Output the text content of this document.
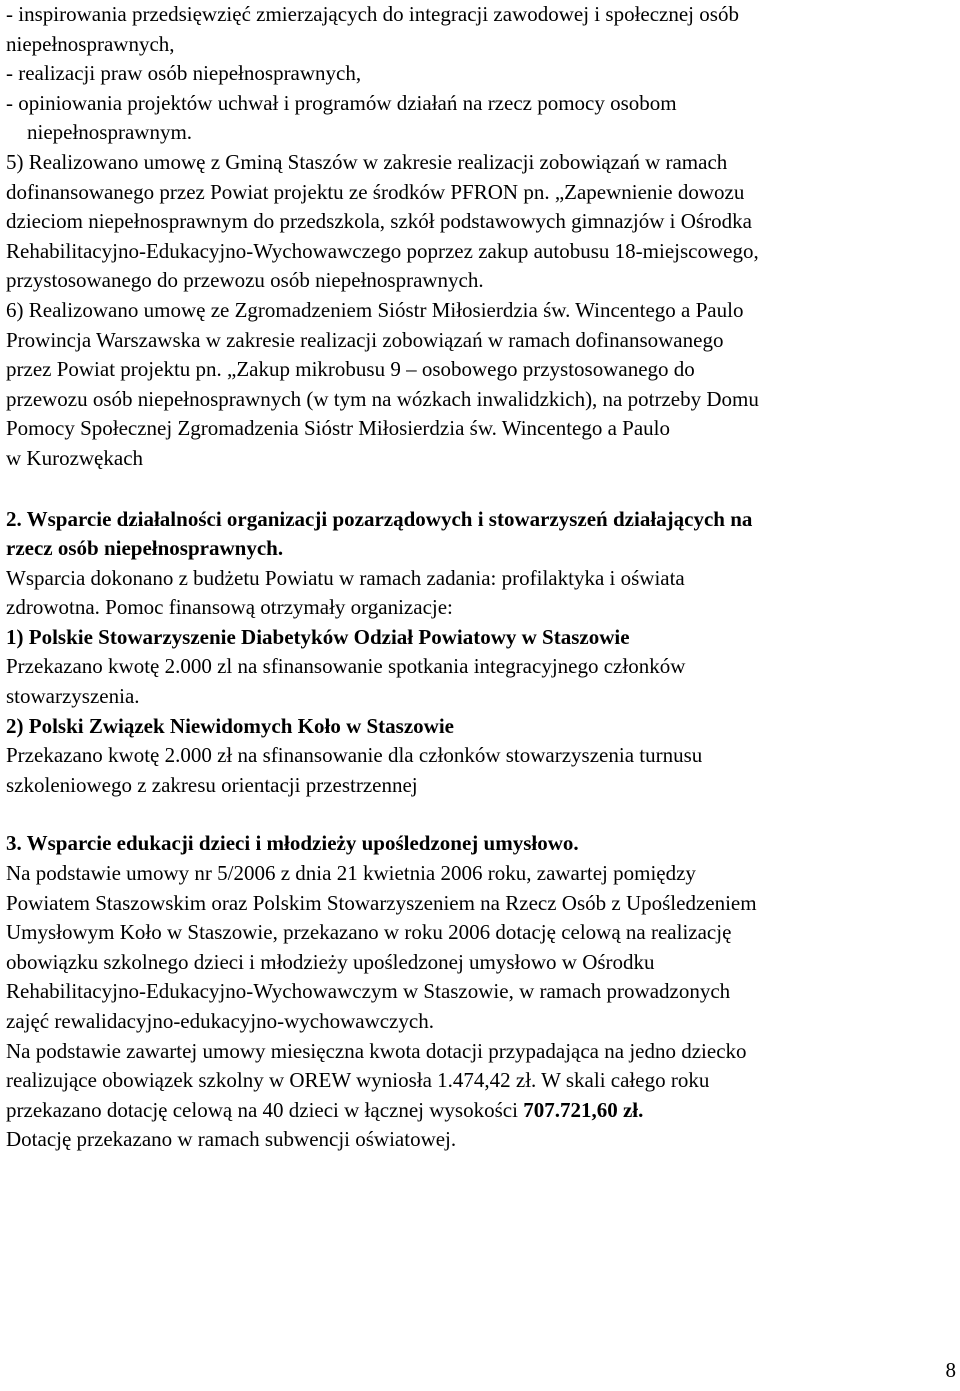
- inspirowania przedsięwzięć zmierzających do integracji zawodowej i społecznej osób
niepełnosprawnych,
- realizacji praw osób niepełnosprawnych,
- opiniowania projektów uchwał i programów działań na rzecz pomocy osobom
niepełnosprawnym.
5) Realizowano umowę z Gminą Staszów w zakresie realizacji zobowiązań w ramach
dofinansowanego przez Powiat projektu ze środków PFRON pn. „Zapewnienie dowozu
dzieciom niepełnosprawnym do przedszkola, szkół podstawowych gimnazjów i Ośrodka
Rehabilitacyjno-Edukacyjno-Wychowawczego poprzez zakup autobusu 18-miejscowego,
przystosowanego do przewozu osób niepełnosprawnych.
6) Realizowano umowę ze Zgromadzeniem Sióstr Miłosierdzia św. Wincentego a Paulo
Prowincja Warszawska w zakresie realizacji zobowiązań w ramach dofinansowanego
przez Powiat projektu pn. „Zakup mikrobusu 9 – osobowego przystosowanego do
przewozu osób niepełnosprawnych (w tym na wózkach inwalidzkich), na potrzeby Domu
Pomocy Społecznej Zgromadzenia Sióstr Miłosierdzia św. Wincentego a Paulo
w Kurozwękach
2. Wsparcie działalności organizacji pozarządowych i stowarzyszeń działających na
rzecz osób niepełnosprawnych.
Wsparcia dokonano z budżetu Powiatu w ramach zadania: profilaktyka i oświata
zdrowotna. Pomoc finansową otrzymały organizacje:
1) Polskie Stowarzyszenie Diabetyków Odział Powiatowy w Staszowie
Przekazano kwotę 2.000 zl na sfinansowanie spotkania integracyjnego członków
stowarzyszenia.
2) Polski Związek Niewidomych Koło w Staszowie
Przekazano kwotę 2.000 zł na sfinansowanie dla członków stowarzyszenia turnusu
szkoleniowego z zakresu orientacji przestrzennej
3. Wsparcie edukacji dzieci i młodzieży upośledzonej umysłowo.
Na podstawie umowy nr 5/2006 z dnia 21 kwietnia 2006 roku, zawartej pomiędzy
Powiatem Staszowskim oraz Polskim Stowarzyszeniem na Rzecz Osób z Upośledzeniem
Umysłowym Koło w Staszowie, przekazano w roku 2006 dotację celową na realizację
obowiązku szkolnego dzieci i młodzieży upośledzonej umysłowo w Ośrodku
Rehabilitacyjno-Edukacyjno-Wychowawczym w Staszowie, w ramach prowadzonych
zajęć rewalidacyjno-edukacyjno-wychowawczych.
Na podstawie zawartej umowy miesięczna kwota dotacji przypadająca na jedno dziecko
realizujące obowiązek szkolny w OREW wyniosła 1.474,42 zł. W skali całego roku
przekazano dotację celową na 40 dzieci w łącznej wysokości 707.721,60 zł.
Dotację przekazano w ramach subwencji oświatowej.
8
